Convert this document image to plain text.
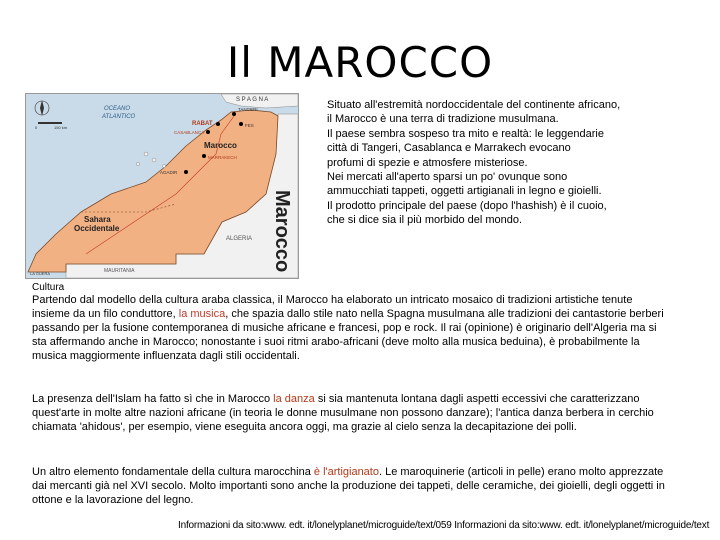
Il MAROCCO
S P A G N A
OCEANO
ATLANTICO
TANGERI
RABAT
CASABLANCA
FES
Marocco
MARRAKECH
AGADIR
ALGERIA
MAURITANIA
Sahara
Occidentale
LA GÜERA
0	150 km
Marocco
Situato all'estremità nordoccidentale del continente africano, il Marocco è una terra di tradizione musulmana.
Il paese sembra sospeso tra mito e realtà: le leggendarie città di Tangeri, Casablanca e Marrakech evocano
profumi di spezie e atmosfere misteriose.
Nei mercati all'aperto sparsi un po' ovunque sono ammucchiati tappeti, oggetti artigianali in legno e gioielli.
Il prodotto principale del paese (dopo l'hashish) è il cuoio, che si dice sia il più morbido del mondo.
Cultura
Partendo dal modello della cultura araba classica, il Marocco ha elaborato un intricato mosaico di tradizioni artistiche tenute insieme da un filo conduttore, la musica, che spazia dallo stile nato nella Spagna musulmana alle tradizioni dei cantastorie berberi passando per la fusione contemporanea di musiche africane e francesi, pop e rock. Il rai (opinione) è originario dell'Algeria ma si sta affermando anche in Marocco; nonostante i suoi ritmi arabo-africani (deve molto alla musica beduina), è probabilmente la musica maggiormente influenzata dagli stili occidentali.
La presenza dell'Islam ha fatto sì che in Marocco la danza si sia mantenuta lontana dagli aspetti eccessivi che caratterizzano quest'arte in molte altre nazioni africane (in teoria le donne musulmane non possono danzare); l'antica danza berbera in cerchio chiamata 'ahidous', per esempio, viene eseguita ancora oggi, ma grazie al cielo senza la decapitazione dei polli.
Un altro elemento fondamentale della cultura marocchina è l'artigianato. Le maroquinerie (articoli in pelle) erano molto apprezzate dai mercanti già nel XVI secolo. Molto importanti sono anche la produzione dei tappeti, delle ceramiche, dei gioielli, degli oggetti in ottone e la lavorazione del legno.
Informazioni da sito:www. edt. it/lonelyplanet/microguide/text/059 Informazioni da sito:www. edt. it/lonelyplanet/microguide/text
